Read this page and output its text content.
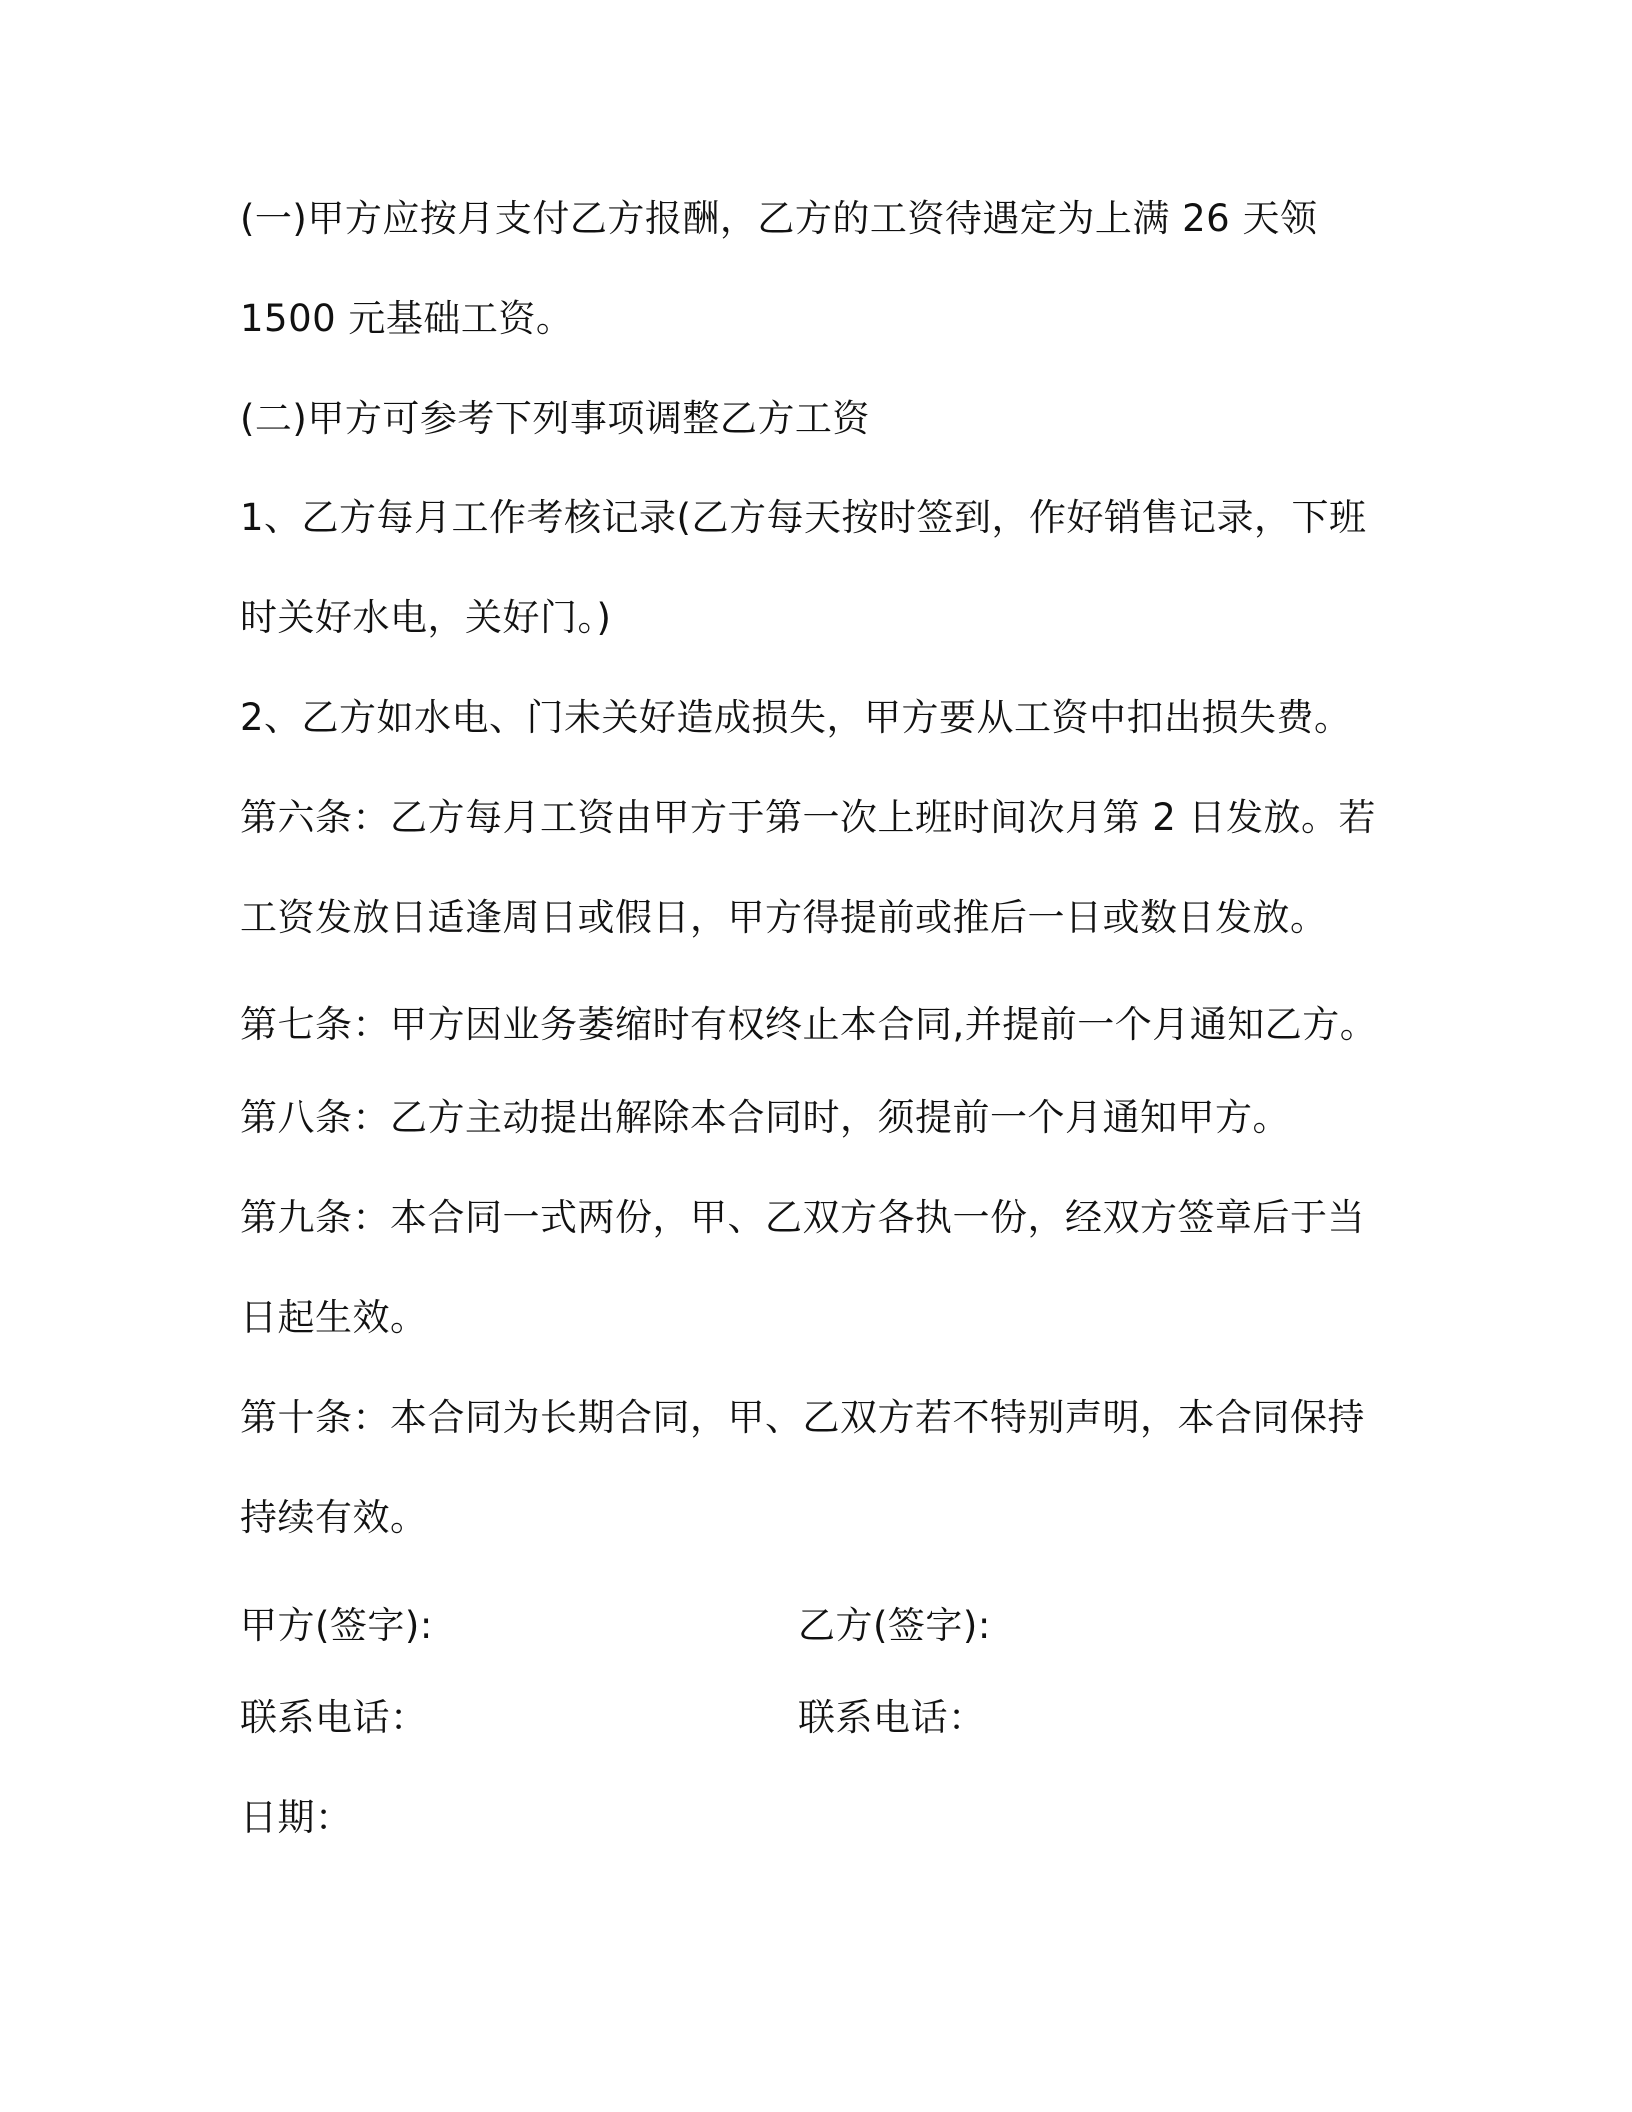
(一)甲方应按月支付乙方报酬，乙方的工资待遇定为上满 26 天领
1500 元基础工资。
(二)甲方可参考下列事项调整乙方工资
1、乙方每月工作考核记录(乙方每天按时签到，作好销售记录，下班
时关好水电，关好门。)
2、乙方如水电、门未关好造成损失，甲方要从工资中扣出损失费。
第六条：乙方每月工资由甲方于第一次上班时间次月第 2 日发放。若
工资发放日适逢周日或假日，甲方得提前或推后一日或数日发放。
第七条：甲方因业务萎缩时有权终止本合同,并提前一个月通知乙方。
第八条：乙方主动提出解除本合同时，须提前一个月通知甲方。
第九条：本合同一式两份，甲、乙双方各执一份，经双方签章后于当
日起生效。
第十条：本合同为长期合同，甲、乙双方若不特别声明，本合同保持
持续有效。
甲方(签字):	乙方(签字):
联系电话：	联系电话：
日期：
